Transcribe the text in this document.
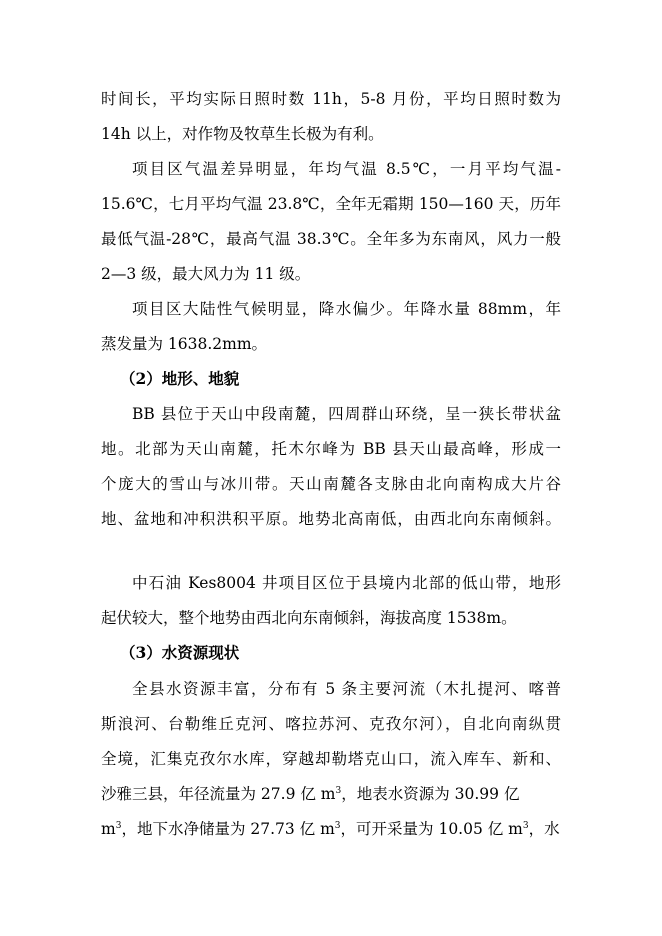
时间长，平均实际日照时数 11h，5-8 月份，平均日照时数为
14h 以上，对作物及牧草生长极为有利。
项目区气温差异明显，年均气温 8.5℃，一月平均气温-
15.6℃，七月平均气温 23.8℃，全年无霜期 150—160 天，历年
最低气温-28℃，最高气温 38.3℃。全年多为东南风，风力一般
2—3 级，最大风力为 11 级。
项目区大陆性气候明显，降水偏少。年降水量 88mm，年
蒸发量为 1638.2mm。
（2）地形、地貌
BB 县位于天山中段南麓，四周群山环绕，呈一狭长带状盆
地。北部为天山南麓，托木尔峰为 BB 县天山最高峰，形成一
个庞大的雪山与冰川带。天山南麓各支脉由北向南构成大片谷
地、盆地和冲积洪积平原。地势北高南低，由西北向东南倾斜。
中石油 Kes8004 井项目区位于县境内北部的低山带，地形
起伏较大，整个地势由西北向东南倾斜，海拔高度 1538m。
（3）水资源现状
全县水资源丰富，分布有 5 条主要河流（木扎提河、喀普
斯浪河、台勒维丘克河、喀拉苏河、克孜尔河），自北向南纵贯
全境，汇集克孜尔水库，穿越却勒塔克山口，流入库车、新和、
沙雅三县，年径流量为 27.9 亿 $m^3$，地表水资源为 30.99 亿
$m^3$，地下水净储量为 27.73 亿 $m^3$，可开采量为 10.05 亿 $m^3$，水
